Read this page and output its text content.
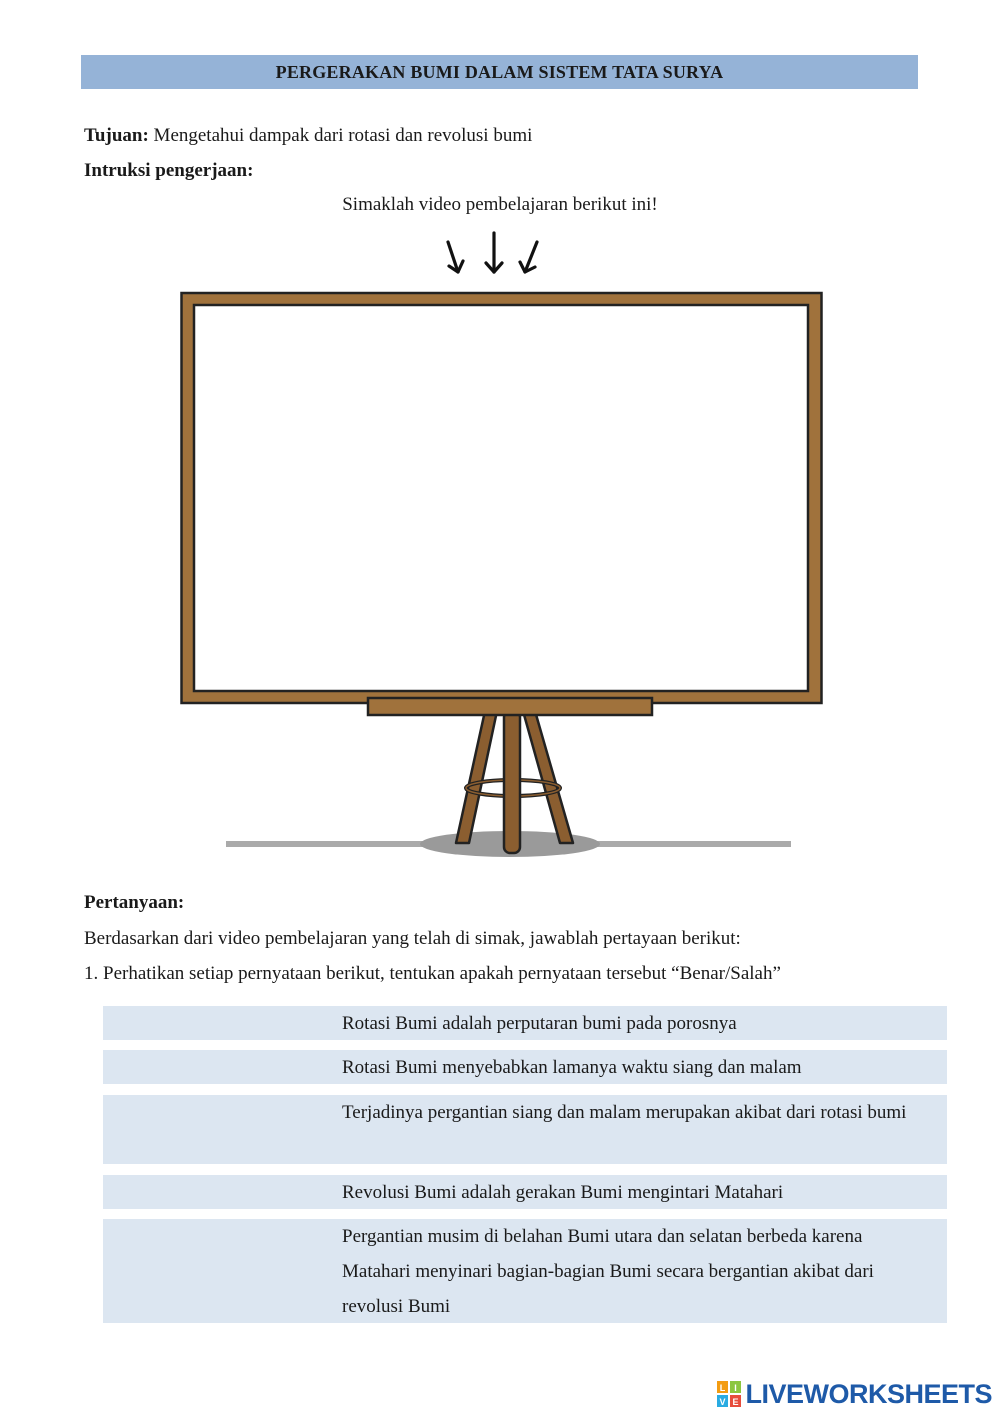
PERGERAKAN BUMI DALAM SISTEM TATA SURYA
Tujuan: Mengetahui dampak dari rotasi dan revolusi bumi
Intruksi pengerjaan:
Simaklah video pembelajaran berikut ini!
Pertanyaan:
Berdasarkan dari video pembelajaran yang telah di simak, jawablah pertayaan berikut:
1. Perhatikan setiap pernyataan berikut, tentukan apakah pernyataan tersebut “Benar/Salah”
Rotasi Bumi adalah perputaran bumi pada porosnya
Rotasi Bumi menyebabkan lamanya waktu siang dan malam
Terjadinya pergantian siang dan malam merupakan akibat dari rotasi bumi
Revolusi Bumi adalah gerakan Bumi mengintari Matahari
Pergantian musim di belahan Bumi utara dan selatan berbeda karena Matahari menyinari bagian-bagian Bumi secara bergantian akibat dari revolusi Bumi
L I
V E LIVEWORKSHEETS
